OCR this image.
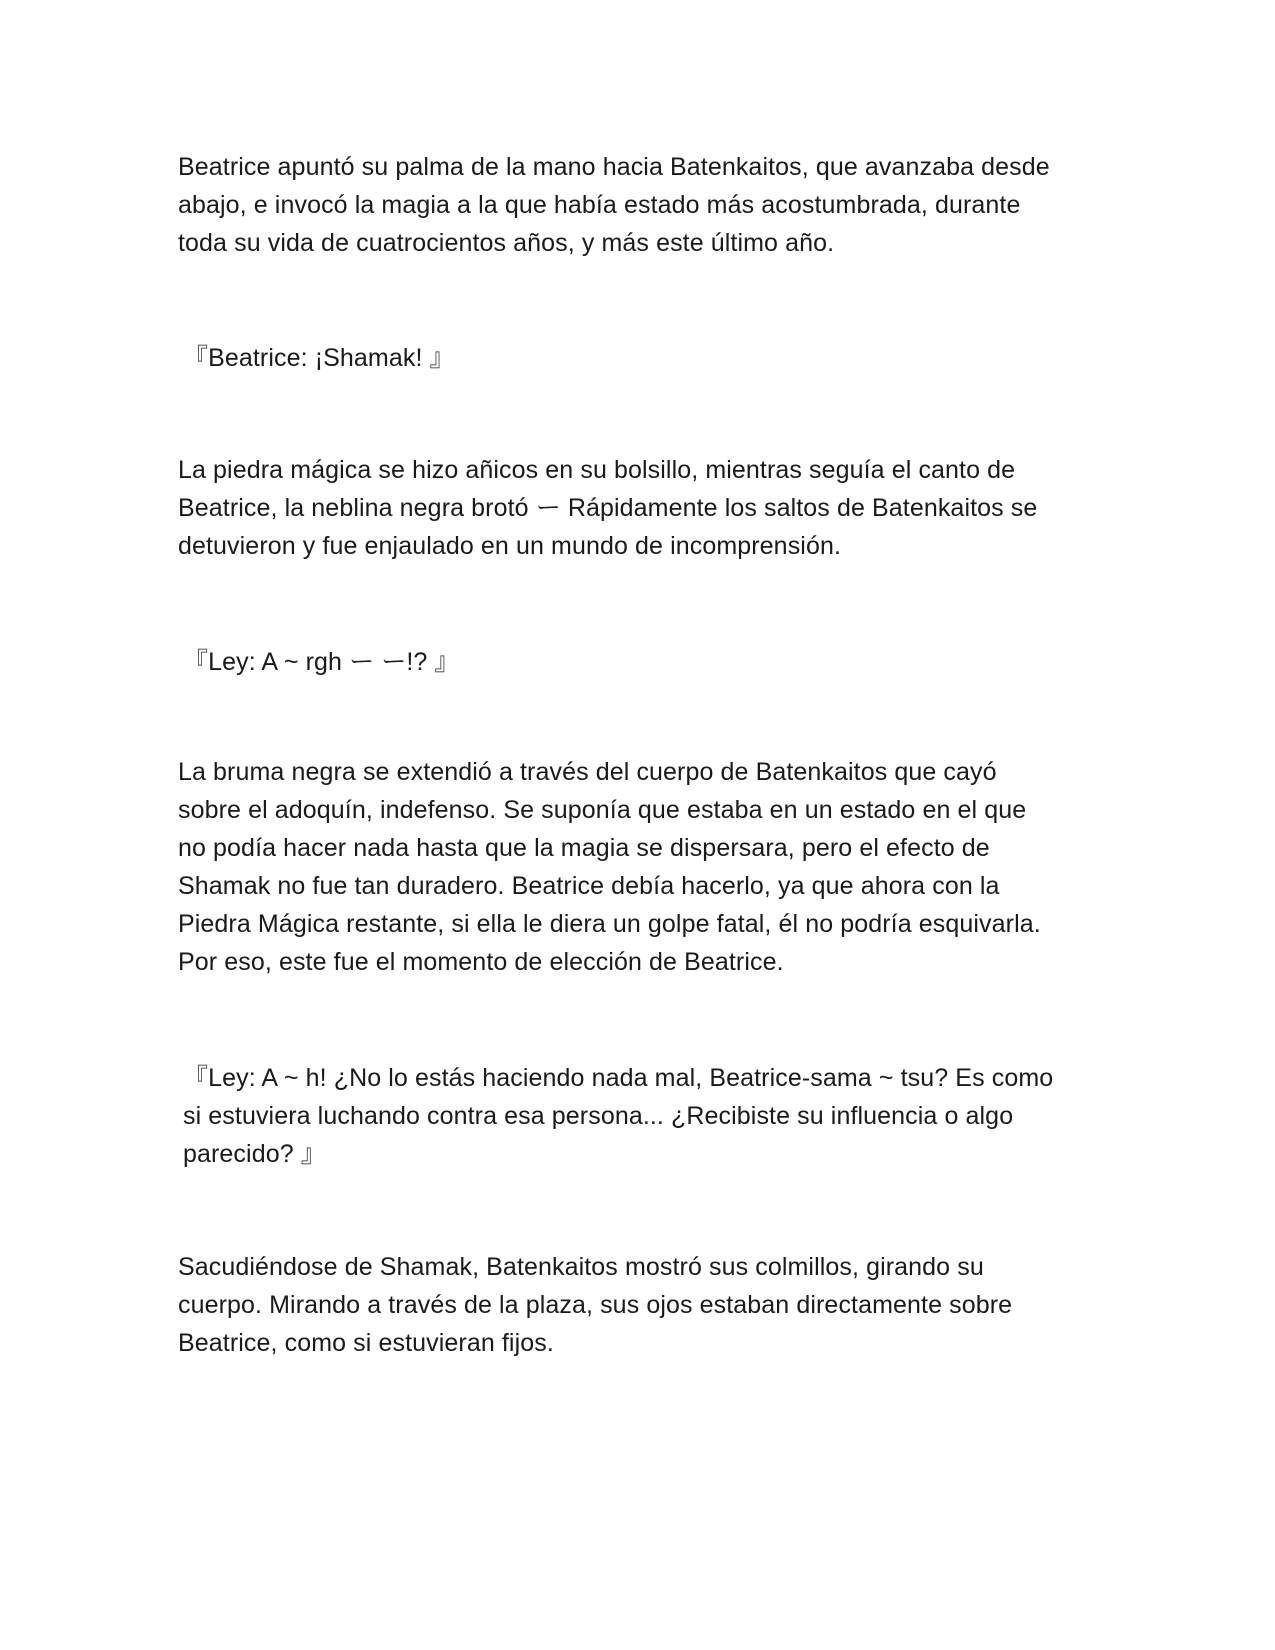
Beatrice apuntó su palma de la mano hacia Batenkaitos, que avanzaba desde
abajo, e invocó la magia a la que había estado más acostumbrada, durante
toda su vida de cuatrocientos años, y más este último año.

『Beatrice: ¡Shamak! 』

La piedra mágica se hizo añicos en su bolsillo, mientras seguía el canto de
Beatrice, la neblina negra brotó ー Rápidamente los saltos de Batenkaitos se
detuvieron y fue enjaulado en un mundo de incomprensión.

『Ley: A ~ rgh ー ー!? 』

La bruma negra se extendió a través del cuerpo de Batenkaitos que cayó
sobre el adoquín, indefenso. Se suponía que estaba en un estado en el que
no podía hacer nada hasta que la magia se dispersara, pero el efecto de
Shamak no fue tan duradero. Beatrice debía hacerlo, ya que ahora con la
Piedra Mágica restante, si ella le diera un golpe fatal, él no podría esquivarla.
Por eso, este fue el momento de elección de Beatrice.

『Ley: A ~ h! ¿No lo estás haciendo nada mal, Beatrice-sama ~ tsu? Es como
si estuviera luchando contra esa persona... ¿Recibiste su influencia o algo
parecido? 』

Sacudiéndose de Shamak, Batenkaitos mostró sus colmillos, girando su
cuerpo. Mirando a través de la plaza, sus ojos estaban directamente sobre
Beatrice, como si estuvieran fijos.
